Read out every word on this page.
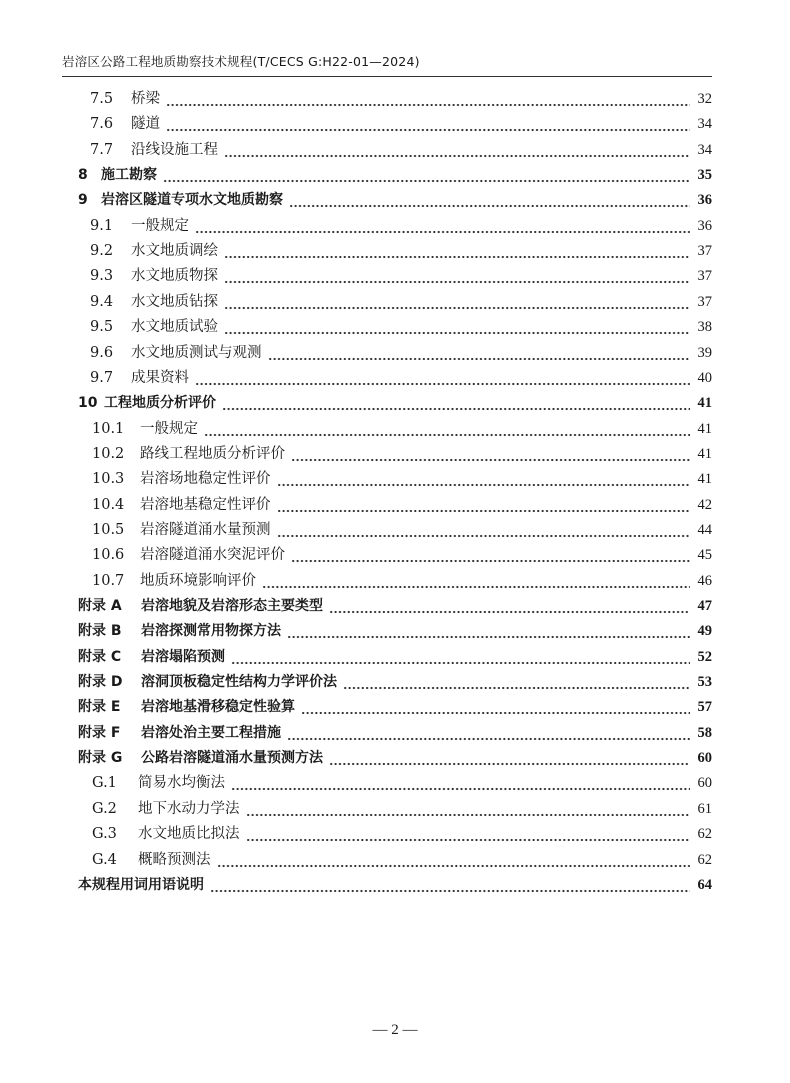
岩溶区公路工程地质勘察技术规程(T/CECS G:H22-01—2024)
7.5 桥梁	32
7.6 隧道	34
7.7 沿线设施工程	34
8 施工勘察	35
9 岩溶区隧道专项水文地质勘察	36
9.1 一般规定	36
9.2 水文地质调绘	37
9.3 水文地质物探	37
9.4 水文地质钻探	37
9.5 水文地质试验	38
9.6 水文地质测试与观测	39
9.7 成果资料	40
10 工程地质分析评价	41
10.1 一般规定	41
10.2 路线工程地质分析评价	41
10.3 岩溶场地稳定性评价	41
10.4 岩溶地基稳定性评价	42
10.5 岩溶隧道涌水量预测	44
10.6 岩溶隧道涌水突泥评价	45
10.7 地质环境影响评价	46
附录 A 岩溶地貌及岩溶形态主要类型	47
附录 B 岩溶探测常用物探方法	49
附录 C 岩溶塌陷预测	52
附录 D 溶洞顶板稳定性结构力学评价法	53
附录 E 岩溶地基滑移稳定性验算	57
附录 F 岩溶处治主要工程措施	58
附录 G 公路岩溶隧道涌水量预测方法	60
G.1 简易水均衡法	60
G.2 地下水动力学法	61
G.3 水文地质比拟法	62
G.4 概略预测法	62
本规程用词用语说明	64
— 2 —
